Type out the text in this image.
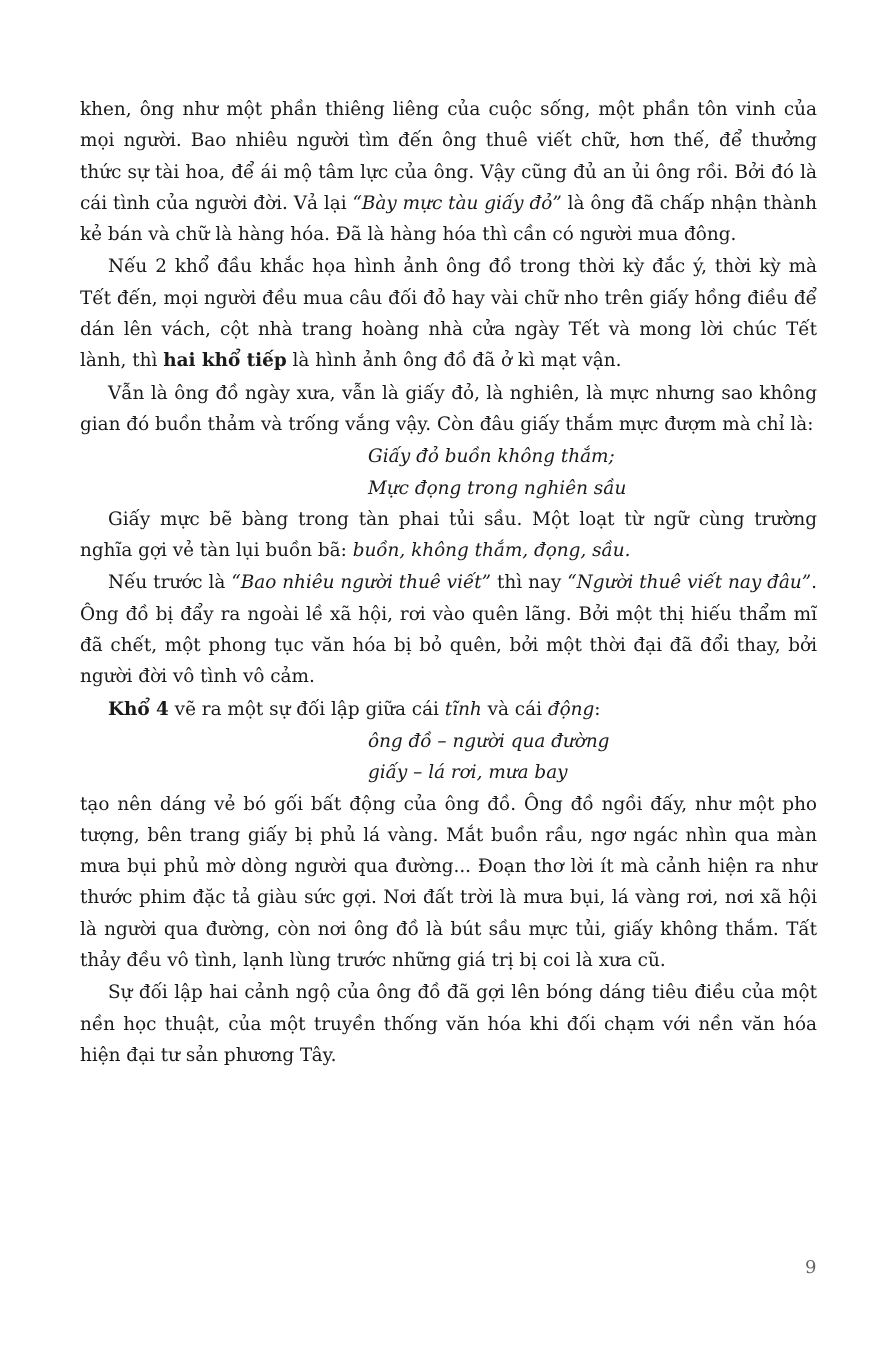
khen, ông như một phần thiêng liêng của cuộc sống, một phần tôn vinh của mọi người. Bao nhiêu người tìm đến ông thuê viết chữ, hơn thế, để thưởng thức sự tài hoa, để ái mộ tâm lực của ông. Vậy cũng đủ an ủi ông rồi. Bởi đó là cái tình của người đời. Vả lại “Bày mực tàu giấy đỏ” là ông đã chấp nhận thành kẻ bán và chữ là hàng hóa. Đã là hàng hóa thì cần có người mua đông.

Nếu 2 khổ đầu khắc họa hình ảnh ông đồ trong thời kỳ đắc ý, thời kỳ mà Tết đến, mọi người đều mua câu đối đỏ hay vài chữ nho trên giấy hồng điều để dán lên vách, cột nhà trang hoàng nhà cửa ngày Tết và mong lời chúc Tết lành, thì hai khổ tiếp là hình ảnh ông đồ đã ở kì mạt vận.

Vẫn là ông đồ ngày xưa, vẫn là giấy đỏ, là nghiên, là mực nhưng sao không gian đó buồn thảm và trống vắng vậy. Còn đâu giấy thắm mực đượm mà chỉ là:

Giấy đỏ buồn không thắm;

Mực đọng trong nghiên sầu

Giấy mực bẽ bàng trong tàn phai tủi sầu. Một loạt từ ngữ cùng trường nghĩa gợi vẻ tàn lụi buồn bã: buồn, không thắm, đọng, sầu.

Nếu trước là “Bao nhiêu người thuê viết” thì nay “Người thuê viết nay đâu”. Ông đồ bị đẩy ra ngoài lề xã hội, rơi vào quên lãng. Bởi một thị hiếu thẩm mĩ đã chết, một phong tục văn hóa bị bỏ quên, bởi một thời đại đã đổi thay, bởi người đời vô tình vô cảm.

Khổ 4 vẽ ra một sự đối lập giữa cái tĩnh và cái động:

ông đồ – người qua đường

giấy – lá rơi, mưa bay

tạo nên dáng vẻ bó gối bất động của ông đồ. Ông đồ ngồi đấy, như một pho tượng, bên trang giấy bị phủ lá vàng. Mắt buồn rầu, ngơ ngác nhìn qua màn mưa bụi phủ mờ dòng người qua đường... Đoạn thơ lời ít mà cảnh hiện ra như thước phim đặc tả giàu sức gợi. Nơi đất trời là mưa bụi, lá vàng rơi, nơi xã hội là người qua đường, còn nơi ông đồ là bút sầu mực tủi, giấy không thắm. Tất thảy đều vô tình, lạnh lùng trước những giá trị bị coi là xưa cũ.

Sự đối lập hai cảnh ngộ của ông đồ đã gợi lên bóng dáng tiêu điều của một nền học thuật, của một truyền thống văn hóa khi đối chạm với nền văn hóa hiện đại tư sản phương Tây.

9
